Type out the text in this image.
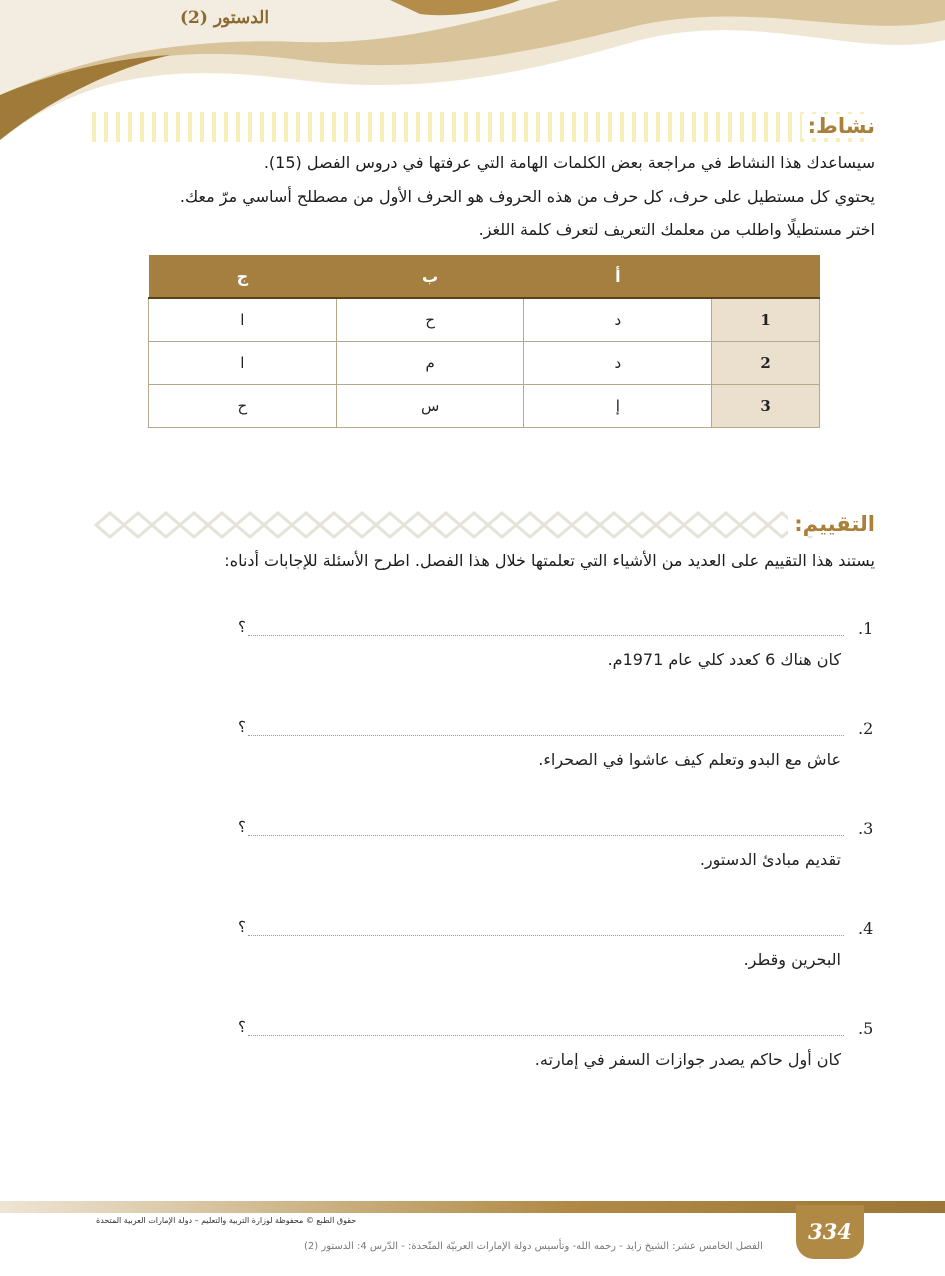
الدستور (2)
نشاط:
سيساعدك هذا النشاط في مراجعة بعض الكلمات الهامة التي عرفتها في دروس الفصل (15).
يحتوي كل مستطيل على حرف، كل حرف من هذه الحروف هو الحرف الأول من مصطلح أساسي مرّ معك.
اختر مستطيلًا واطلب من معلمك التعريف لتعرف كلمة اللغز.
	أ	ب	ج
1	د	ح	ا
2	د	م	ا
3	إ	س	ح
التقييم:
يستند هذا التقييم على العديد من الأشياء التي تعلمتها خلال هذا الفصل. اطرح الأسئلة للإجابات أدناه:
.1
؟
كان هناك 6 كعدد كلي عام 1971م.
.2
؟
عاش مع البدو وتعلم كيف عاشوا في الصحراء.
.3
؟
تقديم مبادئ الدستور.
.4
؟
البحرين وقطر.
.5
؟
كان أول حاكم يصدر جوازات السفر في إمارته.
334
حقوق الطبع © محفوظة لوزارة التربية والتعليم – دولة الإمارات العربية المتحدة
الفصل الخامس عشر: الشيخ زايد - رحمه الله- وتأسيس دولة الإمارات العربيّة المتّحدة: - الدّرس 4: الدستور (2)
